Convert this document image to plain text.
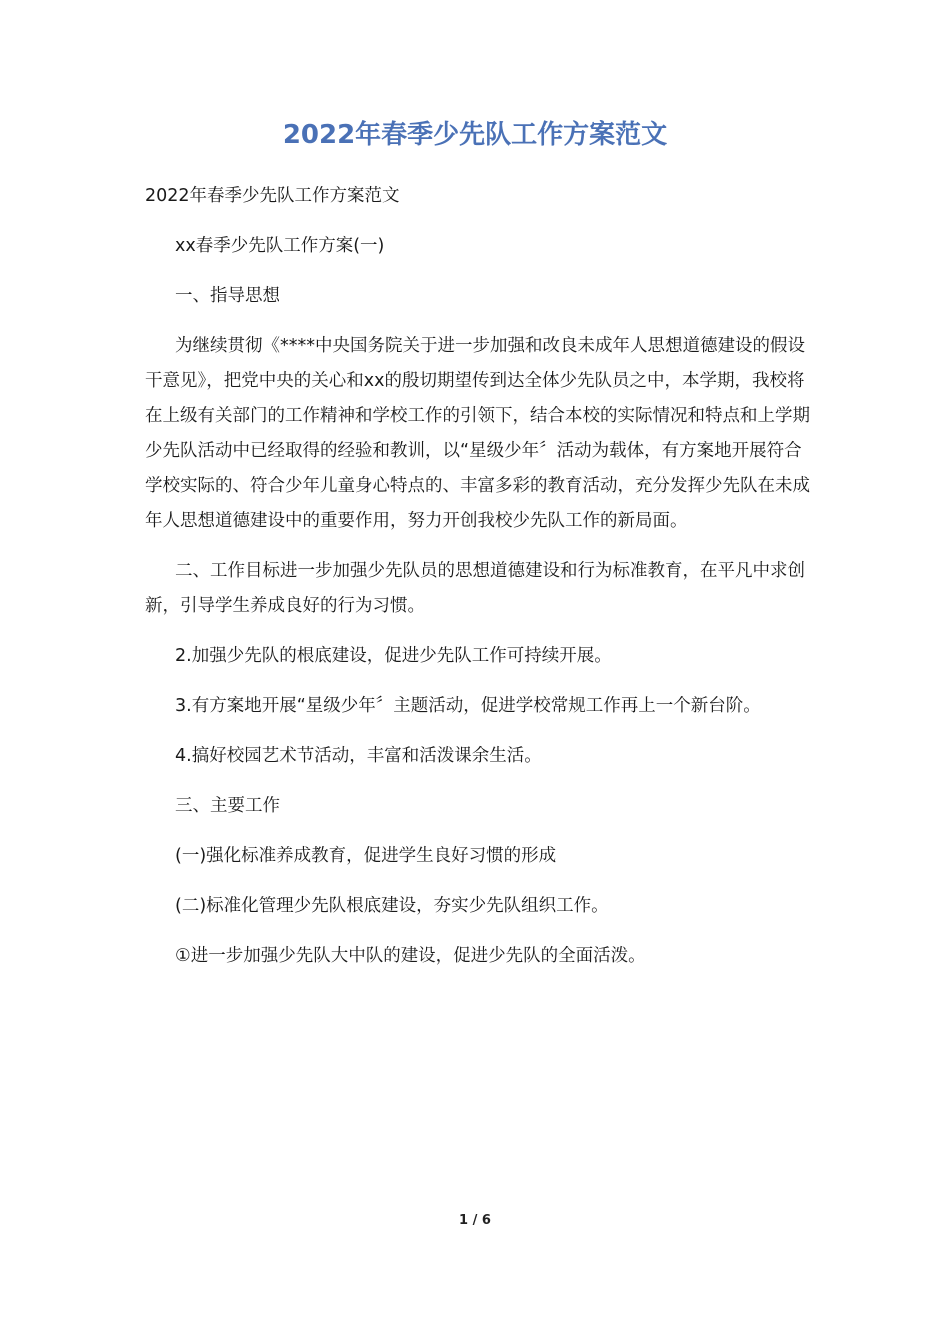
2022年春季少先队工作方案范文

2022年春季少先队工作方案范文

xx春季少先队工作方案(一)

一、指导思想

为继续贯彻《****中央国务院关于进一步加强和改良未成年人思想道德建设的假设干意见》，把党中央的关心和xx的殷切期望传到达全体少先队员之中，本学期，我校将在上级有关部门的工作精神和学校工作的引领下，结合本校的实际情况和特点和上学期少先队活动中已经取得的经验和教训，以“星级少年〞活动为载体，有方案地开展符合学校实际的、符合少年儿童身心特点的、丰富多彩的教育活动，充分发挥少先队在未成年人思想道德建设中的重要作用，努力开创我校少先队工作的新局面。

二、工作目标进一步加强少先队员的思想道德建设和行为标准教育，在平凡中求创新，引导学生养成良好的行为习惯。

2.加强少先队的根底建设，促进少先队工作可持续开展。

3.有方案地开展“星级少年〞主题活动，促进学校常规工作再上一个新台阶。

4.搞好校园艺术节活动，丰富和活泼课余生活。

三、主要工作

(一)强化标准养成教育，促进学生良好习惯的形成

(二)标准化管理少先队根底建设，夯实少先队组织工作。

①进一步加强少先队大中队的建设，促进少先队的全面活泼。

1 / 6
